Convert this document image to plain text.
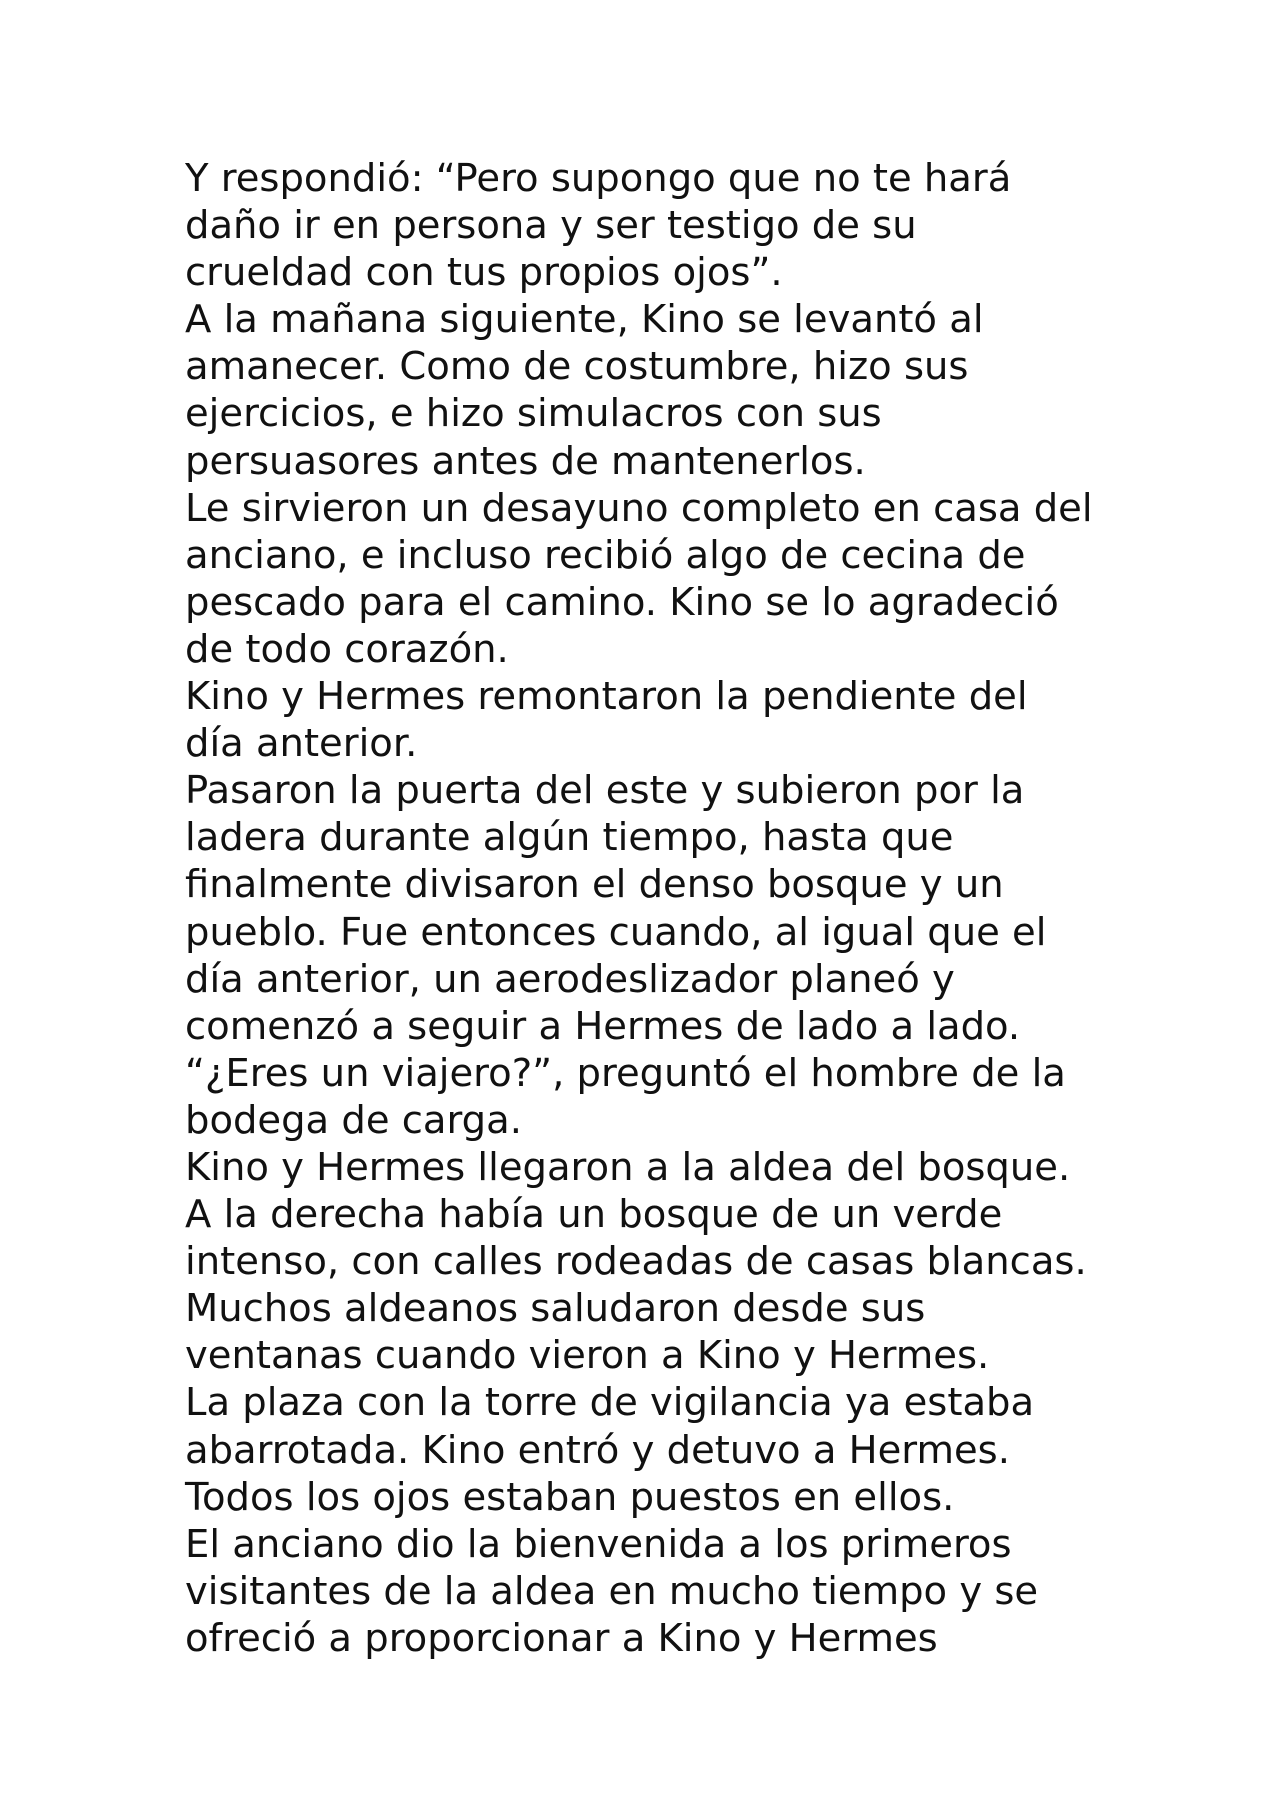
Y respondió: “Pero supongo que no te hará
daño ir en persona y ser testigo de su
crueldad con tus propios ojos”.
A la mañana siguiente, Kino se levantó al
amanecer. Como de costumbre, hizo sus
ejercicios, e hizo simulacros con sus
persuasores antes de mantenerlos.
Le sirvieron un desayuno completo en casa del
anciano, e incluso recibió algo de cecina de
pescado para el camino. Kino se lo agradeció
de todo corazón.
Kino y Hermes remontaron la pendiente del
día anterior.
Pasaron la puerta del este y subieron por la
ladera durante algún tiempo, hasta que
finalmente divisaron el denso bosque y un
pueblo. Fue entonces cuando, al igual que el
día anterior, un aerodeslizador planeó y
comenzó a seguir a Hermes de lado a lado.
“¿Eres un viajero?”, preguntó el hombre de la
bodega de carga.
Kino y Hermes llegaron a la aldea del bosque.
A la derecha había un bosque de un verde
intenso, con calles rodeadas de casas blancas.
Muchos aldeanos saludaron desde sus
ventanas cuando vieron a Kino y Hermes.
La plaza con la torre de vigilancia ya estaba
abarrotada. Kino entró y detuvo a Hermes.
Todos los ojos estaban puestos en ellos.
El anciano dio la bienvenida a los primeros
visitantes de la aldea en mucho tiempo y se
ofreció a proporcionar a Kino y Hermes
